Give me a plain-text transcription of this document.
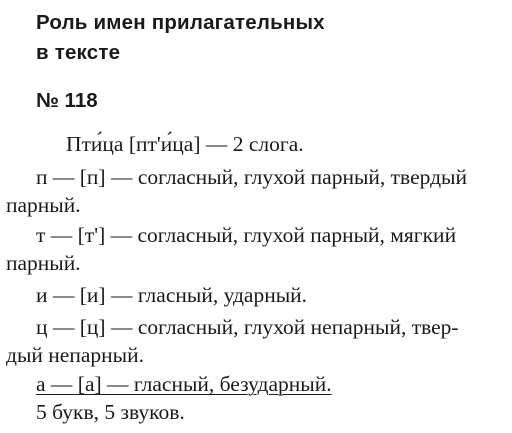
Роль имен прилагательных
в тексте
№ 118
Пти́ца [пт'и́ца] — 2 слога.
п — [п] — согласный, глухой парный, твердый
парный.
т — [т'] — согласный, глухой парный, мягкий
парный.
и — [и] — гласный, ударный.
ц — [ц] — согласный, глухой непарный, твер-
дый непарный.
а — [а] — гласный, безударный.
5 букв, 5 звуков.
